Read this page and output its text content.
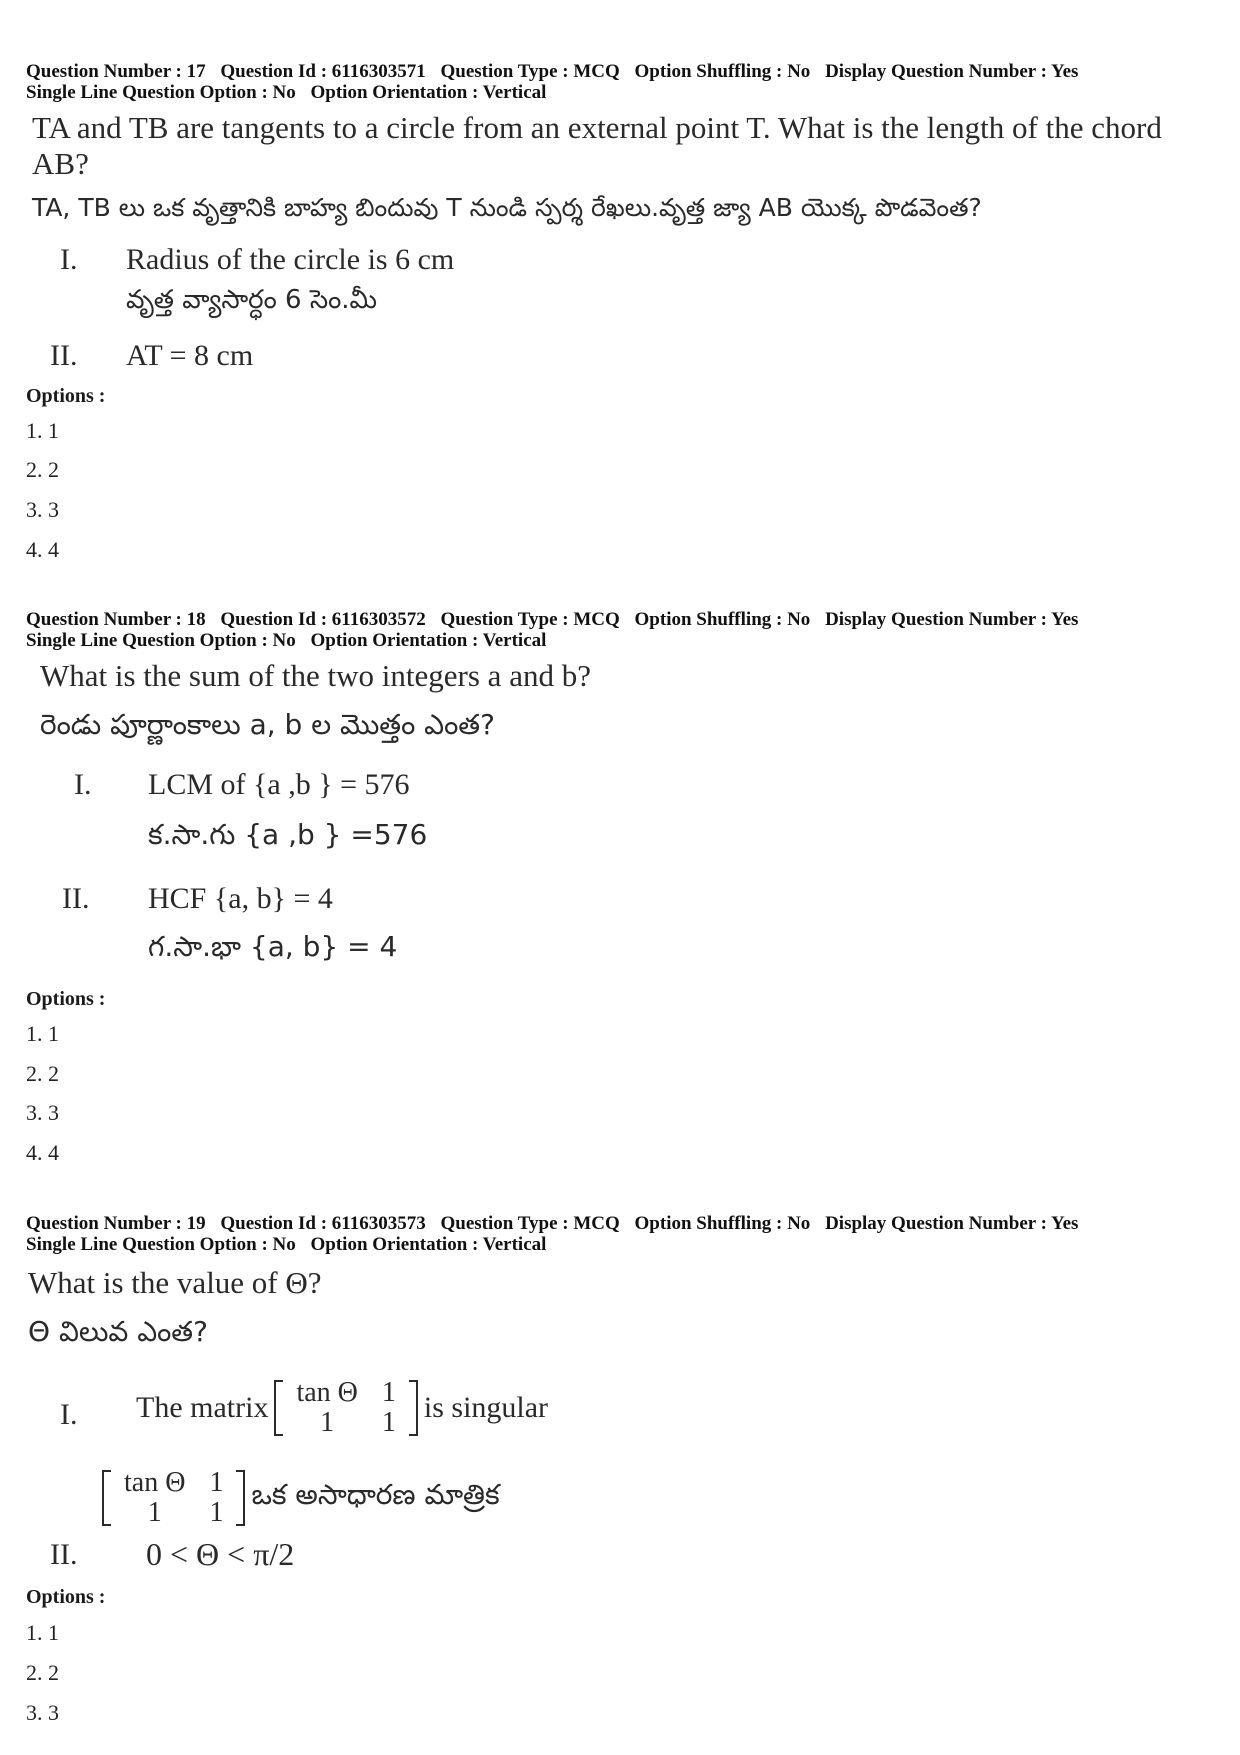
Question Number : 17 Question Id : 6116303571 Question Type : MCQ Option Shuffling : No Display Question Number : Yes
Single Line Question Option : No Option Orientation : Vertical
TA and TB are tangents to a circle from an external point T. What is the length of the chord
AB?
TA, TB లు ఒక వృత్తానికి బాహ్య బిందువు T నుండి స్పర్శ రేఖలు.వృత్త జ్యా AB యొక్క పొడవెంత?
I. Radius of the circle is 6 cm
వృత్త వ్యాసార్ధం 6 సెం.మీ
II. AT = 8 cm
Options :
1. 1
2. 2
3. 3
4. 4
Question Number : 18 Question Id : 6116303572 Question Type : MCQ Option Shuffling : No Display Question Number : Yes
Single Line Question Option : No Option Orientation : Vertical
What is the sum of the two integers a and b?
రెండు పూర్ణాంకాలు a, b ల మొత్తం ఎంత?
I. LCM of {a ,b } = 576
క.సా.గు {a ,b } =576
II. HCF {a, b} = 4
గ.సా.భా {a, b} = 4
Options :
1. 1
2. 2
3. 3
4. 4
Question Number : 19 Question Id : 6116303573 Question Type : MCQ Option Shuffling : No Display Question Number : Yes
Single Line Question Option : No Option Orientation : Vertical
What is the value of Θ?
Θ విలువ ఎంత?
I. The matrix tan Θ	1
1	1 is singular
tan Θ	1
1	1
ఒక అసాధారణ మాత్రిక
II. 0 < Θ < π/2
Options :
1. 1
2. 2
3. 3
